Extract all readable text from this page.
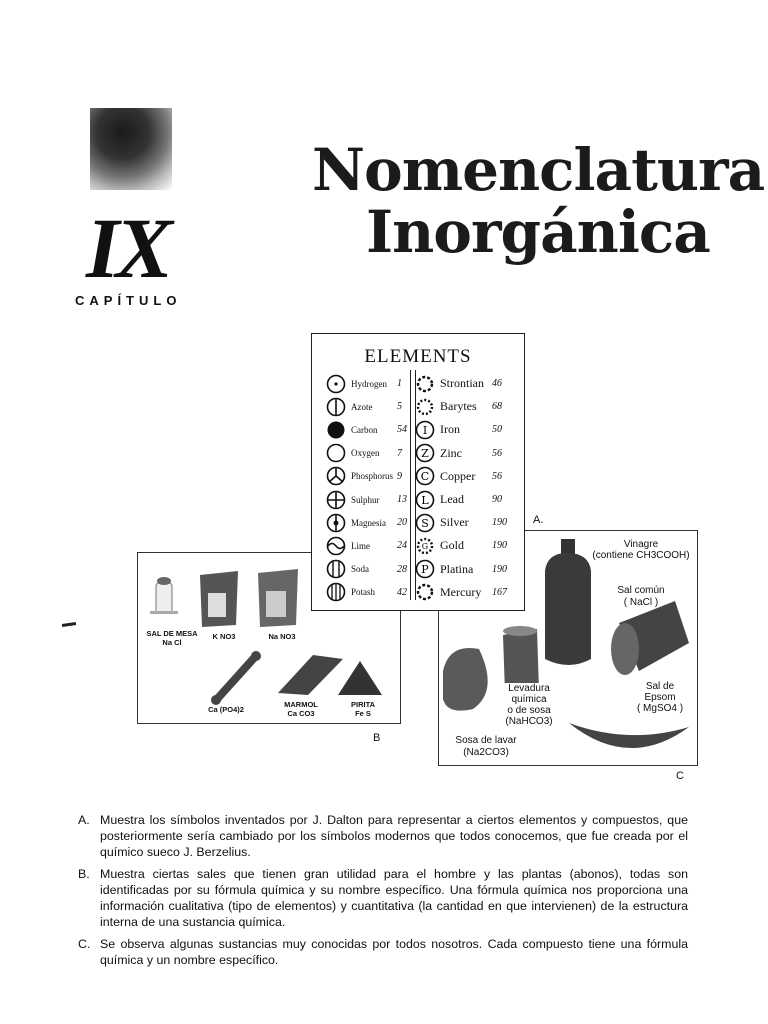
IX
CAPÍTULO
Nomenclatura
Inorgánica
SAL DE MESA
Na Cl
K NO3	Na NO3
Ca (PO4)2
MARMOL
Ca CO3
PIRITA
Fe S
B
Vinagre
(contiene CH3COOH)
Sal común
( NaCl )
Levadura
química
o de sosa
(NaHCO3)
Sal de
Epsom
( MgSO4 )
Sosa de lavar
(Na2CO3)
A.
C
ELEMENTS
Hydrogen	1
Azote	5
Carbon	54
Oxygen	7
Phosphorus 9
Sulphur	13
Magnesia	20
Lime	24
Soda	28
Potash	42
Strontian 46
Barytes	68
I Iron	50
Z Zinc	56
C Copper	56
L Lead	90
S Silver	190
G Gold	190
P Platina	190
Mercury	167
A. Muestra los símbolos inventados por J. Dalton para representar a ciertos elementos y compuestos, que posteriormente sería cambiado por los símbolos modernos que todos conocemos, que fue creada por el químico sueco J. Berzelius.
B. Muestra ciertas sales que tienen gran utilidad para el hombre y las plantas (abonos), todas son identificadas por su fórmula química y su nombre específico. Una fórmula química nos proporciona una información cualitativa (tipo de elementos) y cuantitativa (la cantidad en que intervienen) de la estructura interna de una sustancia química.
C. Se observa algunas sustancias muy conocidas por todos nosotros. Cada compuesto tiene una fórmula química y un nombre específico.
